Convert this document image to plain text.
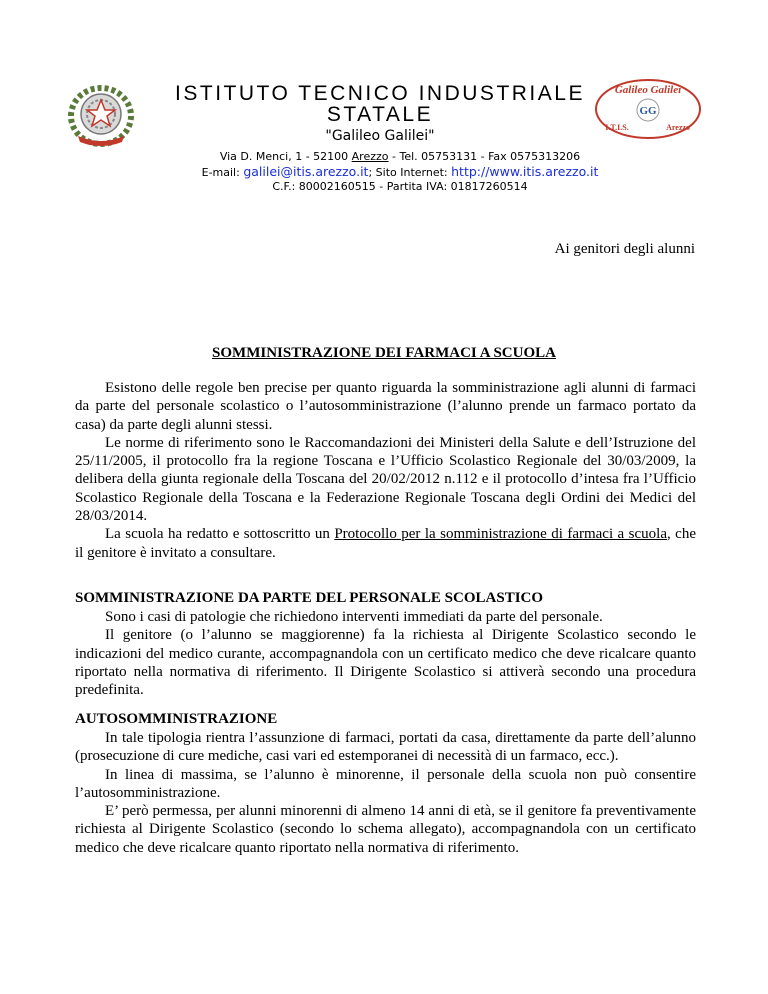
ISTITUTO TECNICO INDUSTRIALE STATALE
"Galileo Galilei"
Via D. Menci, 1 - 52100 Arezzo - Tel. 05753131 - Fax 0575313206
E-mail: galilei@itis.arezzo.it; Sito Internet: http://www.itis.arezzo.it
C.F.: 80002160515 - Partita IVA: 01817260514
Galileo Galilei
GG
I.T.I.S.	Arezzo
Ai genitori degli alunni
SOMMINISTRAZIONE DEI FARMACI A SCUOLA

Esistono delle regole ben precise per quanto riguarda la somministrazione agli alunni di farmaci da parte del personale scolastico o l’autosomministrazione (l’alunno prende un farmaco portato da casa) da parte degli alunni stessi.

Le norme di riferimento sono le Raccomandazioni dei Ministeri della Salute e dell’Istruzione del 25/11/2005, il protocollo fra la regione Toscana e l’Ufficio Scolastico Regionale del 30/03/2009, la delibera della giunta regionale della Toscana del 20/02/2012 n.112 e il protocollo d’intesa fra l’Ufficio Scolastico Regionale della Toscana e la Federazione Regionale Toscana degli Ordini dei Medici del 28/03/2014.

La scuola ha redatto e sottoscritto un Protocollo per la somministrazione di farmaci a scuola, che il genitore è invitato a consultare.

SOMMINISTRAZIONE DA PARTE DEL PERSONALE SCOLASTICO

Sono i casi di patologie che richiedono interventi immediati da parte del personale.

Il genitore (o l’alunno se maggiorenne) fa la richiesta al Dirigente Scolastico secondo le indicazioni del medico curante, accompagnandola con un certificato medico che deve ricalcare quanto riportato nella normativa di riferimento. Il Dirigente Scolastico si attiverà secondo una procedura predefinita.

AUTOSOMMINISTRAZIONE

In tale tipologia rientra l’assunzione di farmaci, portati da casa, direttamente da parte dell’alunno (prosecuzione di cure mediche, casi vari ed estemporanei di necessità di un farmaco, ecc.).

In linea di massima, se l’alunno è minorenne, il personale della scuola non può consentire l’autosomministrazione.

E’ però permessa, per alunni minorenni di almeno 14 anni di età, se il genitore fa preventivamente richiesta al Dirigente Scolastico (secondo lo schema allegato), accompagnandola con un certificato medico che deve ricalcare quanto riportato nella normativa di riferimento.
